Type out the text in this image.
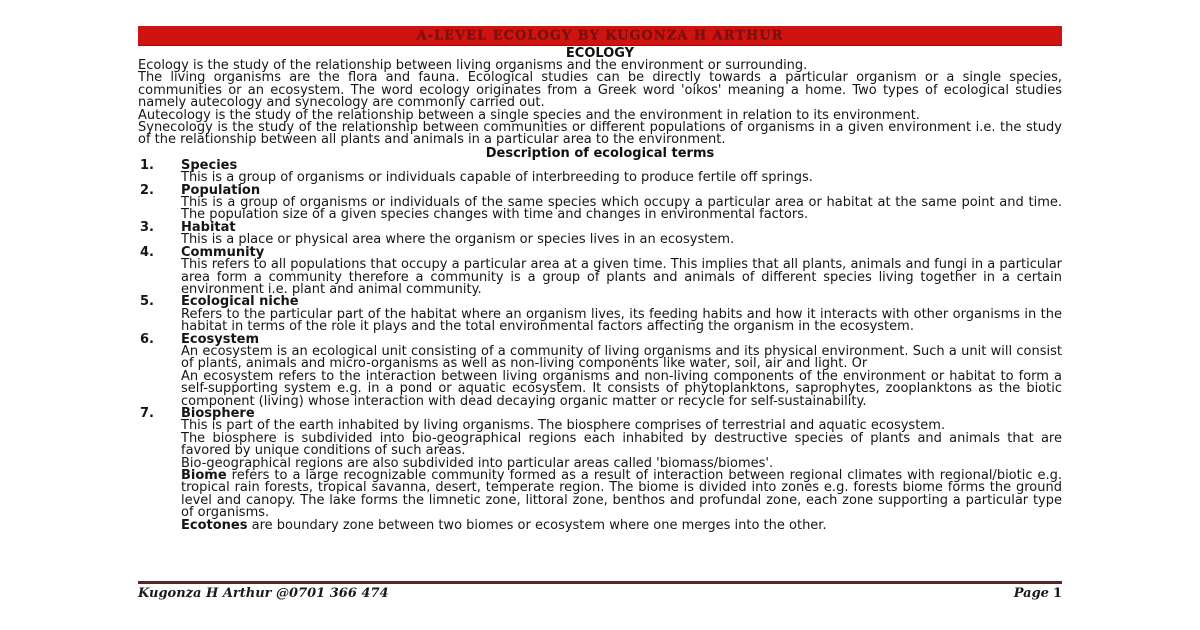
A-LEVEL ECOLOGY BY KUGONZA H ARTHUR
ECOLOGY

Ecology is the study of the relationship between living organisms and the environment or surrounding.

The living organisms are the flora and fauna. Ecological studies can be directly towards a particular organism or a single species, communities or an ecosystem. The word ecology originates from a Greek word 'oikos' meaning a home. Two types of ecological studies namely autecology and synecology are commonly carried out.

Autecology is the study of the relationship between a single species and the environment in relation to its environment.

Synecology is the study of the relationship between communities or different populations of organisms in a given environment i.e. the study of the relationship between all plants and animals in a particular area to the environment.

Description of ecological terms
1. Species

This is a group of organisms or individuals capable of interbreeding to produce fertile off springs.

2. Population

This is a group of organisms or individuals of the same species which occupy a particular area or habitat at the same point and time. The population size of a given species changes with time and changes in environmental factors.

3. Habitat

This is a place or physical area where the organism or species lives in an ecosystem.

4. Community

This refers to all populations that occupy a particular area at a given time. This implies that all plants, animals and fungi in a particular area form a community therefore a community is a group of plants and animals of different species living together in a certain environment i.e. plant and animal community.

5. Ecological niche

Refers to the particular part of the habitat where an organism lives, its feeding habits and how it interacts with other organisms in the habitat in terms of the role it plays and the total environmental factors affecting the organism in the ecosystem.

6. Ecosystem

An ecosystem is an ecological unit consisting of a community of living organisms and its physical environment. Such a unit will consist of plants, animals and micro-organisms as well as non-living components like water, soil, air and light. Or

An ecosystem refers to the interaction between living organisms and non-living components of the environment or habitat to form a self-supporting system e.g. in a pond or aquatic ecosystem. It consists of phytoplanktons, saprophytes, zooplanktons as the biotic component (living) whose interaction with dead decaying organic matter or recycle for self-sustainability.

7. Biosphere

This is part of the earth inhabited by living organisms. The biosphere comprises of terrestrial and aquatic ecosystem.

The biosphere is subdivided into bio-geographical regions each inhabited by destructive species of plants and animals that are favored by unique conditions of such areas.

Bio-geographical regions are also subdivided into particular areas called 'biomass/biomes'.

Biome refers to a large recognizable community formed as a result of interaction between regional climates with regional/biotic e.g. tropical rain forests, tropical savanna, desert, temperate region. The biome is divided into zones e.g. forests biome forms the ground level and canopy. The lake forms the limnetic zone, littoral zone, benthos and profundal zone, each zone supporting a particular type of organisms.

Ecotones are boundary zone between two biomes or ecosystem where one merges into the other.

Kugonza H Arthur @0701 366 474	Page 1
